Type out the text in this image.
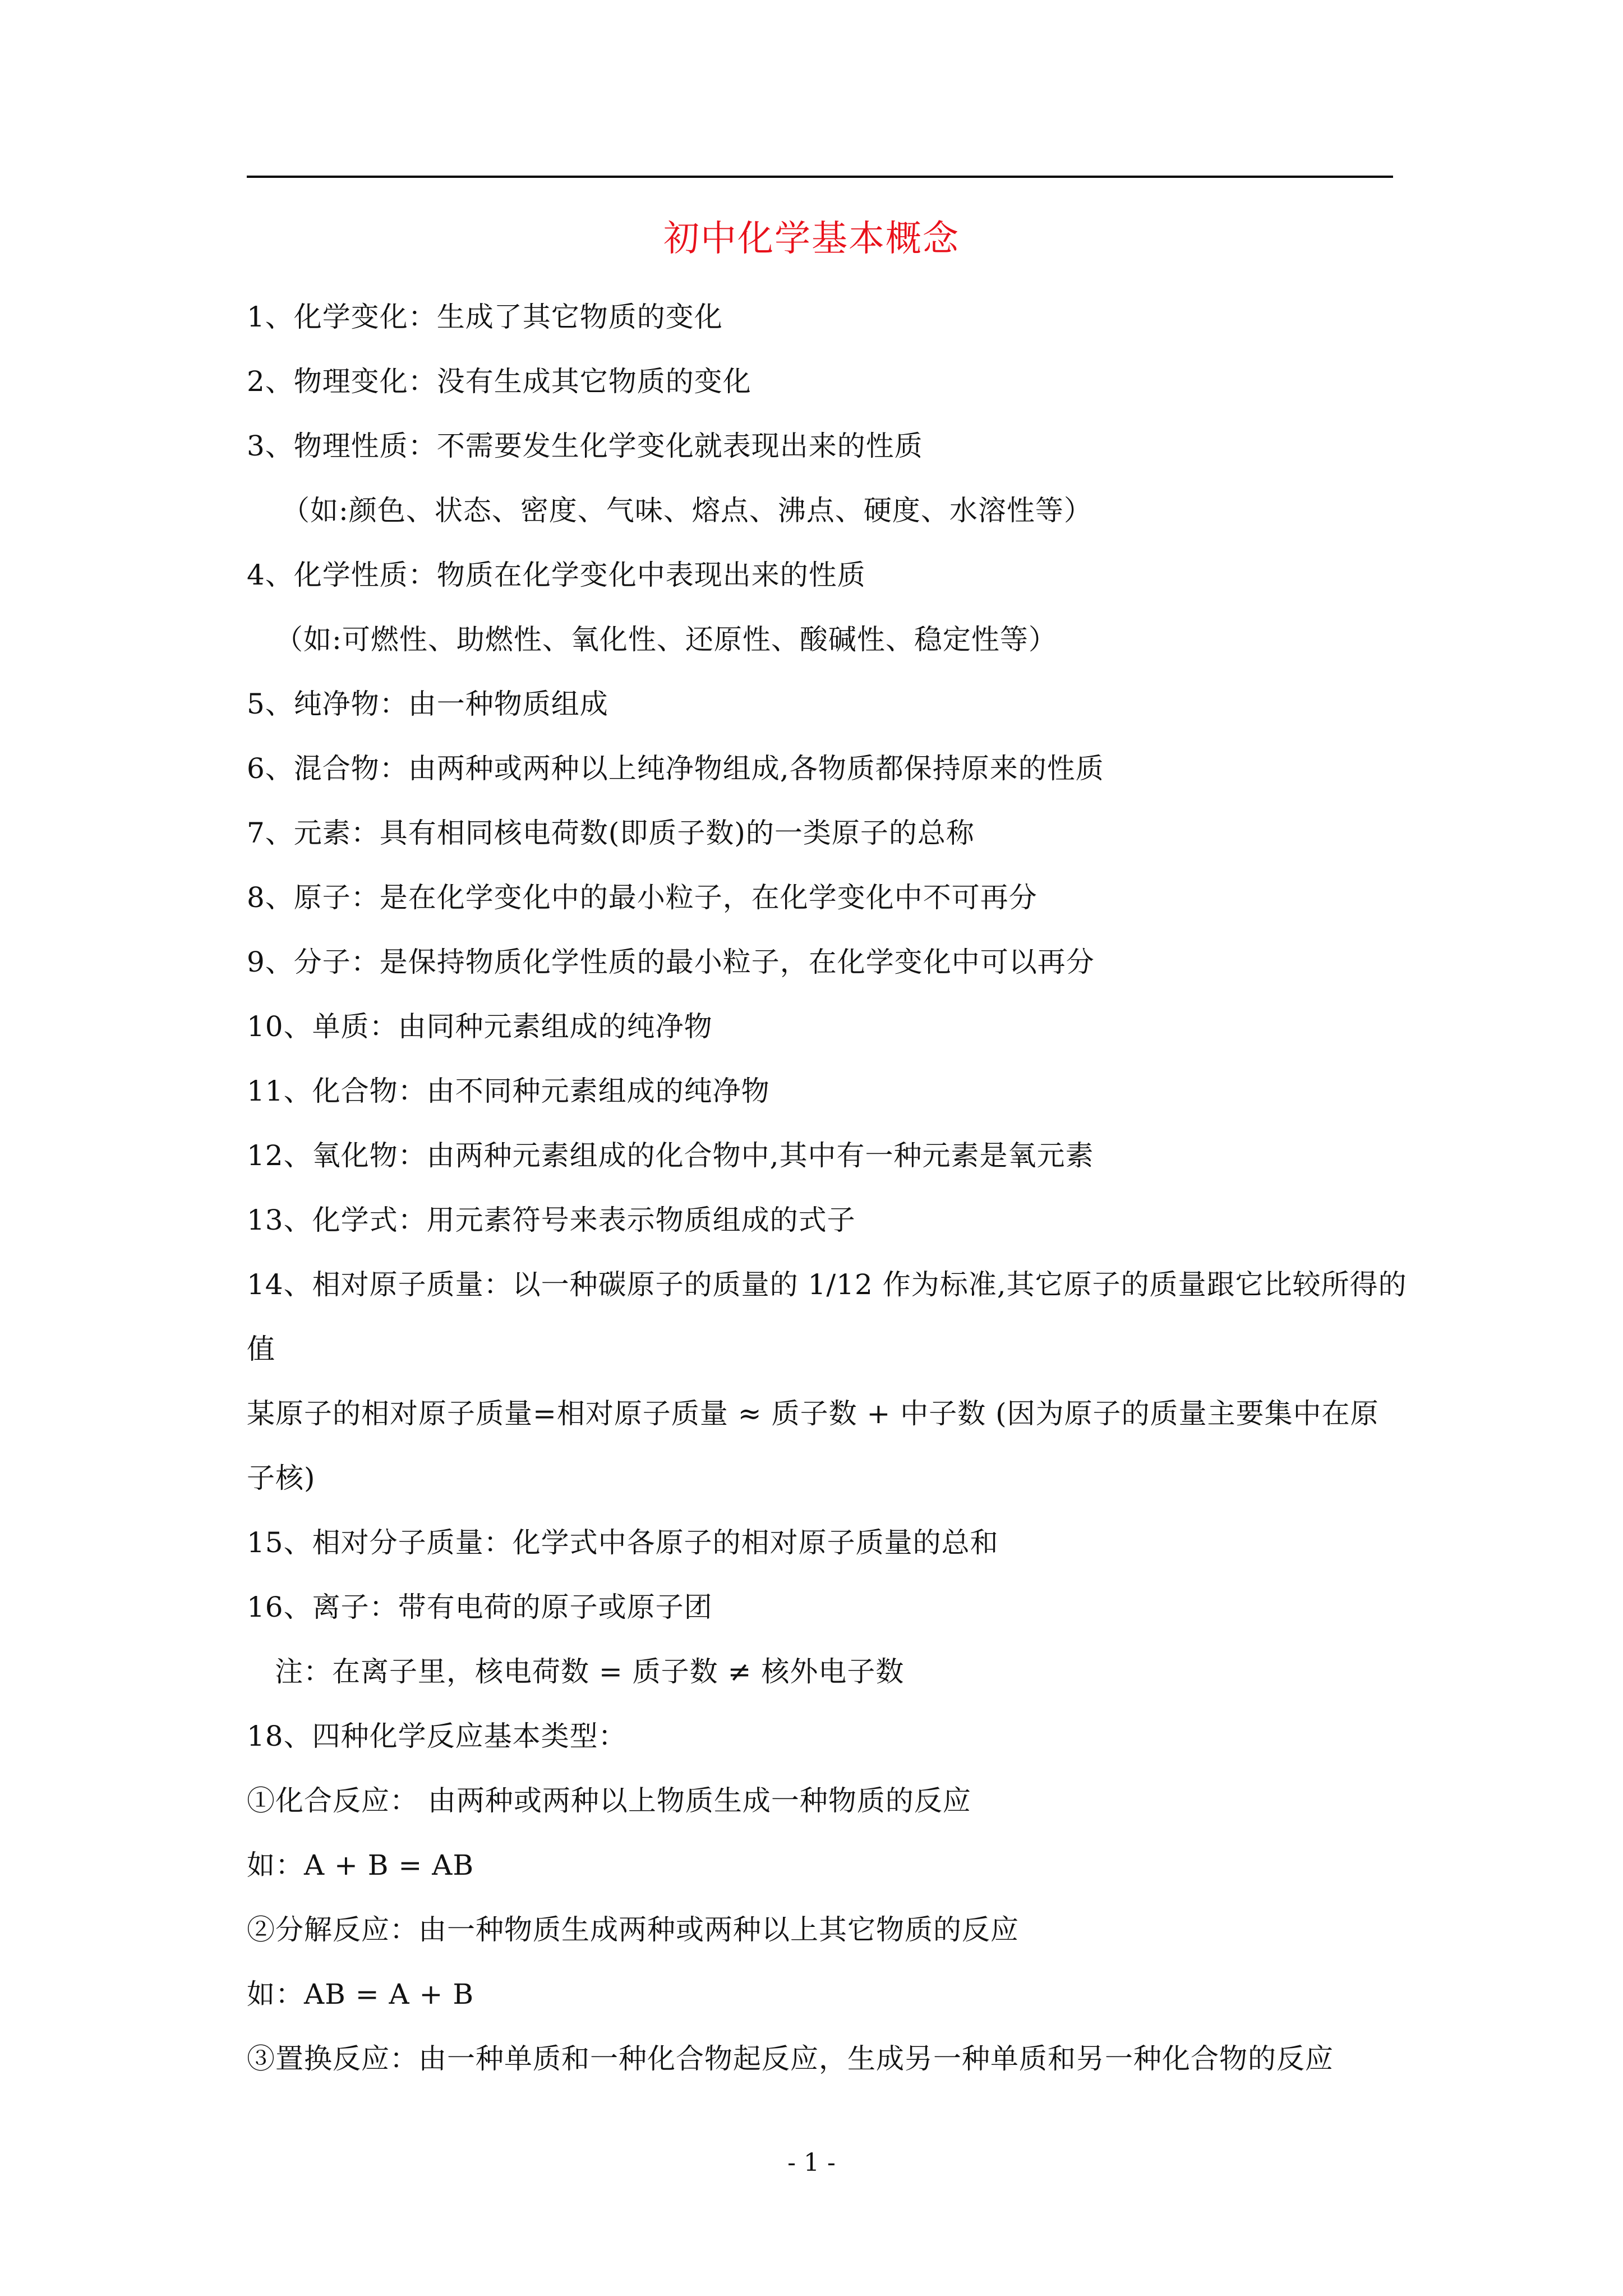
初中化学基本概念
1、化学变化：生成了其它物质的变化
2、物理变化：没有生成其它物质的变化
3、物理性质：不需要发生化学变化就表现出来的性质
（如:颜色、状态、密度、气味、熔点、沸点、硬度、水溶性等）
4、化学性质：物质在化学变化中表现出来的性质
（如:可燃性、助燃性、氧化性、还原性、酸碱性、稳定性等）
5、纯净物：由一种物质组成
6、混合物：由两种或两种以上纯净物组成,各物质都保持原来的性质
7、元素：具有相同核电荷数(即质子数)的一类原子的总称
8、原子：是在化学变化中的最小粒子，在化学变化中不可再分
9、分子：是保持物质化学性质的最小粒子，在化学变化中可以再分
10、单质：由同种元素组成的纯净物
11、化合物：由不同种元素组成的纯净物
12、氧化物：由两种元素组成的化合物中,其中有一种元素是氧元素
13、化学式：用元素符号来表示物质组成的式子
14、相对原子质量：以一种碳原子的质量的 1/12 作为标准,其它原子的质量跟它比较所得的
值
某原子的相对原子质量=相对原子质量 ≈ 质子数 + 中子数 (因为原子的质量主要集中在原
子核)
15、相对分子质量：化学式中各原子的相对原子质量的总和
16、离子：带有电荷的原子或原子团
注：在离子里，核电荷数 = 质子数 ≠ 核外电子数
18、四种化学反应基本类型：
①化合反应： 由两种或两种以上物质生成一种物质的反应
如：A + B = AB
②分解反应：由一种物质生成两种或两种以上其它物质的反应
如：AB = A + B
③置换反应：由一种单质和一种化合物起反应，生成另一种单质和另一种化合物的反应
- 1 -
